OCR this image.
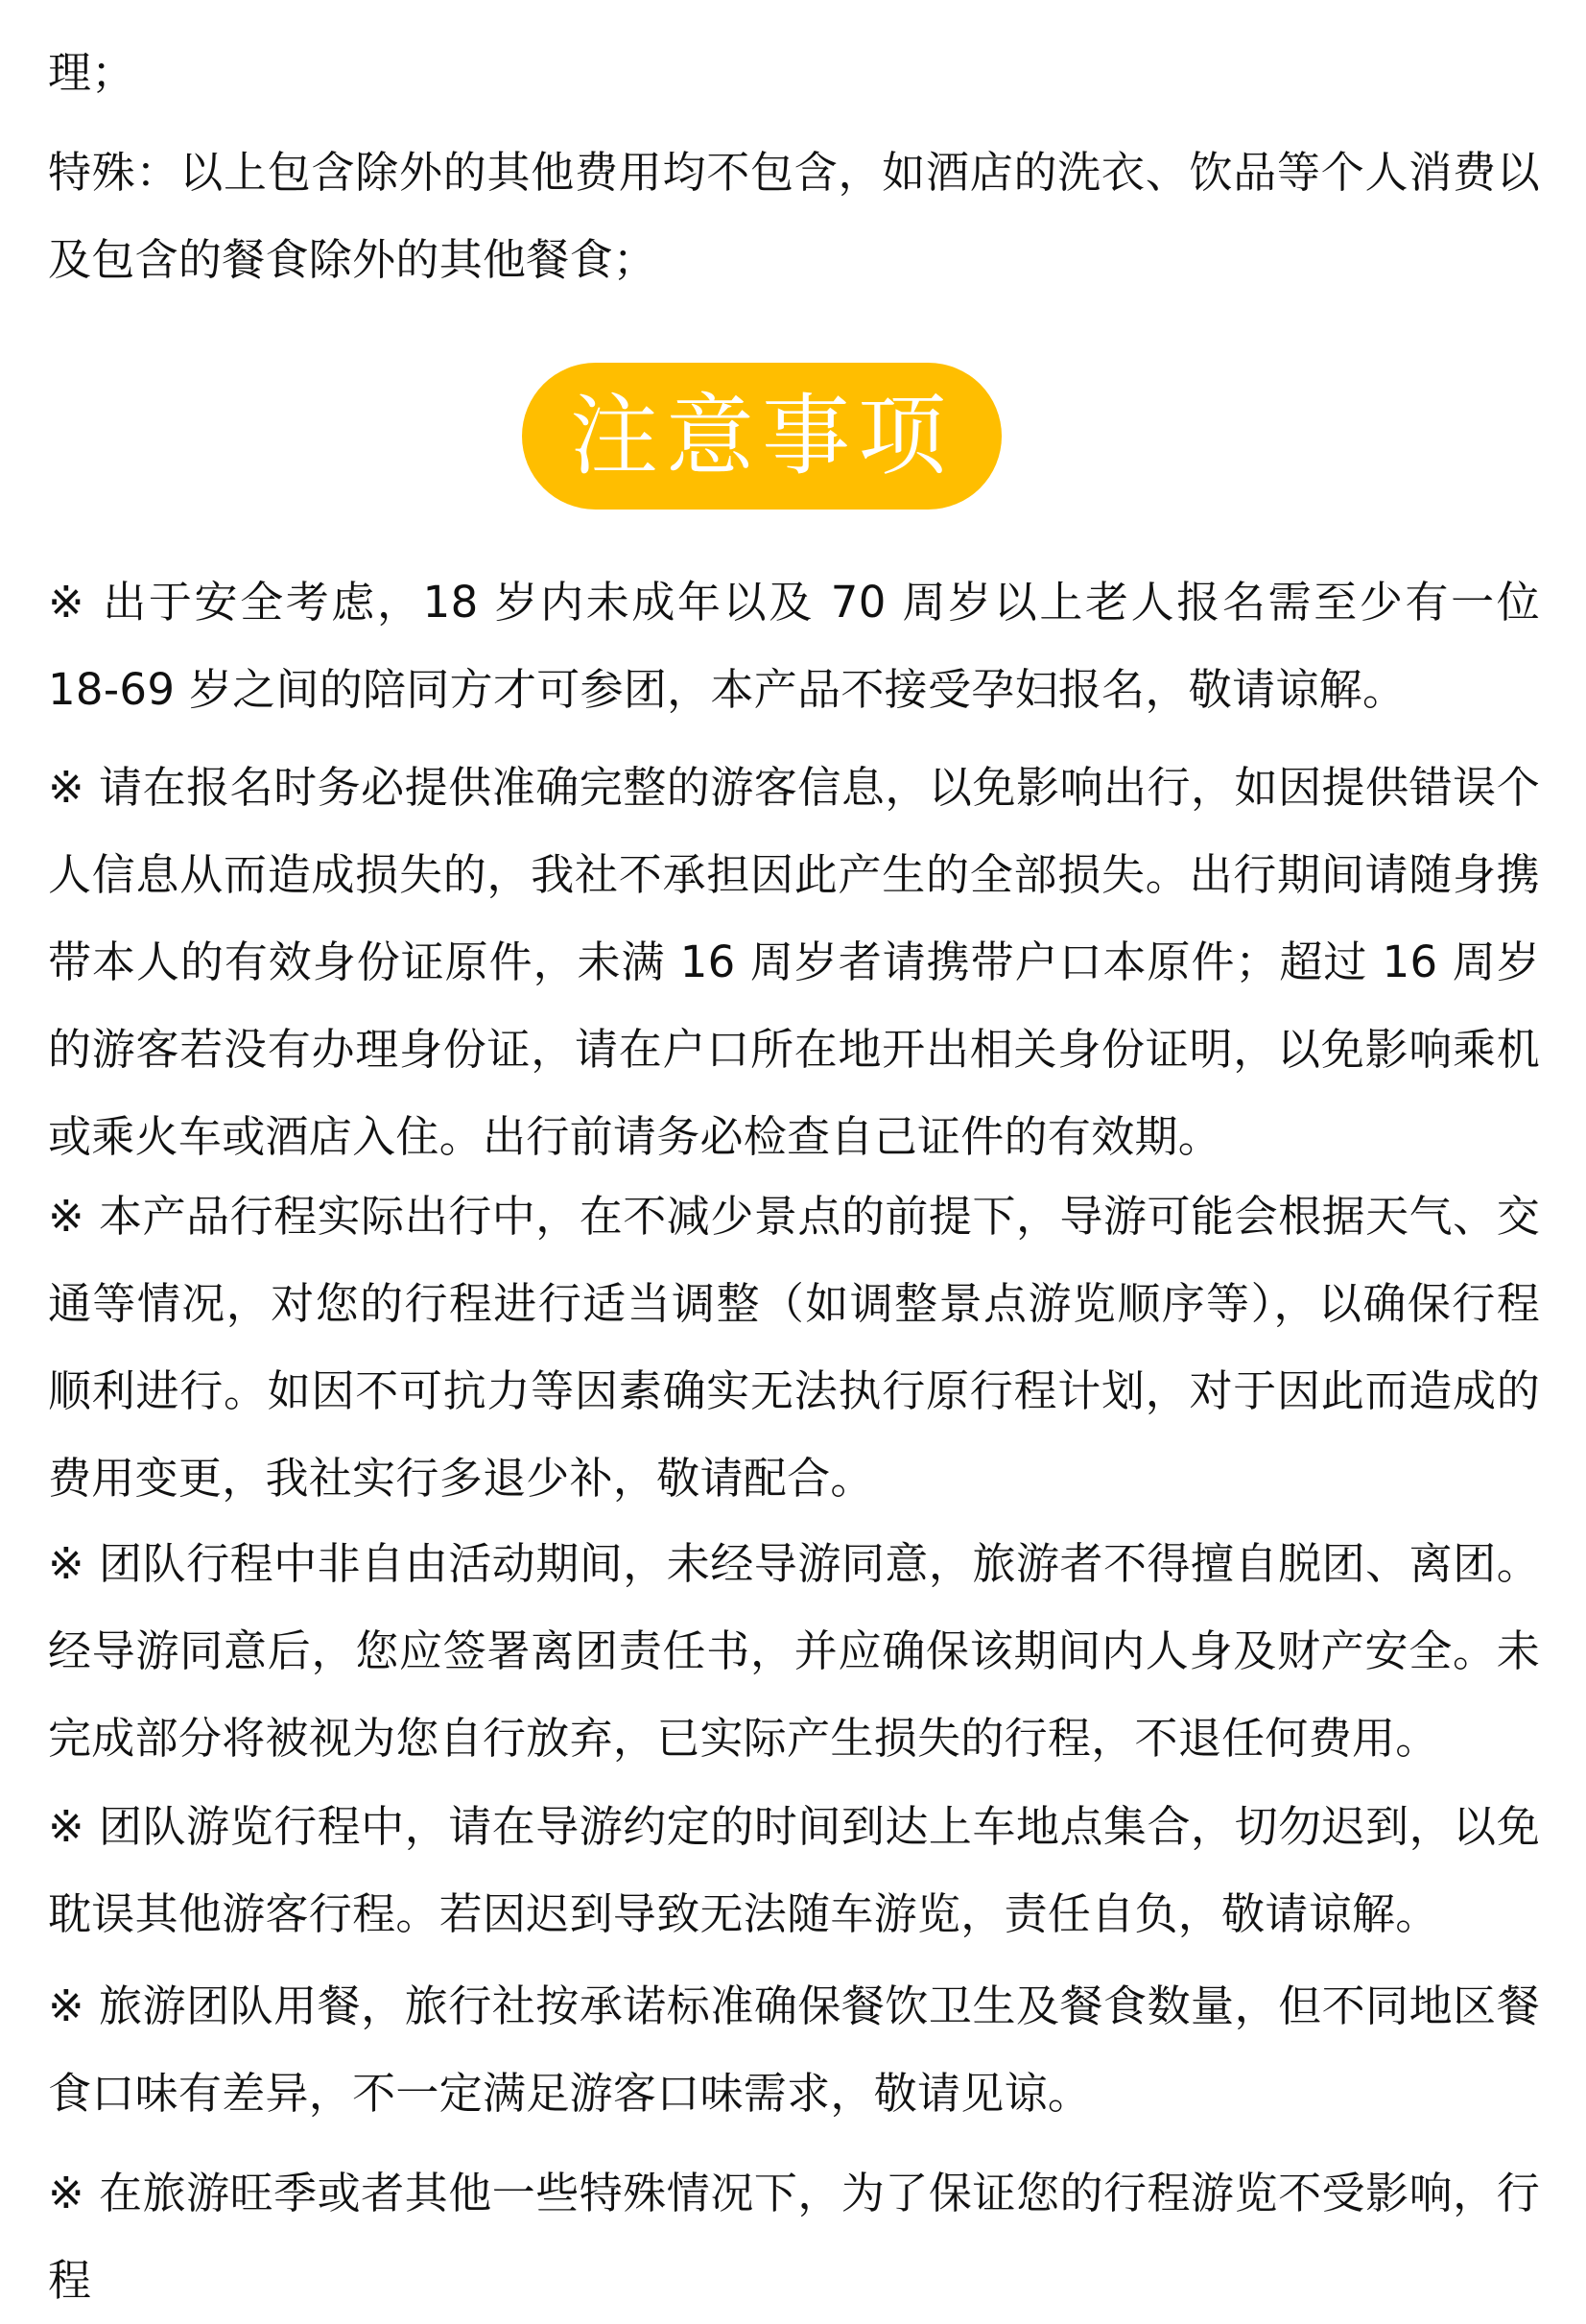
理；

特殊：以上包含除外的其他费用均不包含，如酒店的洗衣、饮品等个人消费以及包含的餐食除外的其他餐食；

注意事项

※ 出于安全考虑，18 岁内未成年以及 70 周岁以上老人报名需至少有一位 18-69 岁之间的陪同方才可参团，本产品不接受孕妇报名，敬请谅解。

※ 请在报名时务必提供准确完整的游客信息，以免影响出行，如因提供错误个人信息从而造成损失的，我社不承担因此产生的全部损失。出行期间请随身携带本人的有效身份证原件，未满 16 周岁者请携带户口本原件；超过 16 周岁的游客若没有办理身份证，请在户口所在地开出相关身份证明，以免影响乘机或乘火车或酒店入住。出行前请务必检查自己证件的有效期。

※ 本产品行程实际出行中，在不减少景点的前提下，导游可能会根据天气、交通等情况，对您的行程进行适当调整（如调整景点游览顺序等），以确保行程顺利进行。如因不可抗力等因素确实无法执行原行程计划，对于因此而造成的费用变更，我社实行多退少补，敬请配合。

※ 团队行程中非自由活动期间，未经导游同意，旅游者不得擅自脱团、离团。经导游同意后，您应签署离团责任书，并应确保该期间内人身及财产安全。未完成部分将被视为您自行放弃，已实际产生损失的行程，不退任何费用。

※ 团队游览行程中，请在导游约定的时间到达上车地点集合，切勿迟到，以免耽误其他游客行程。若因迟到导致无法随车游览，责任自负，敬请谅解。

※ 旅游团队用餐，旅行社按承诺标准确保餐饮卫生及餐食数量，但不同地区餐食口味有差异，不一定满足游客口味需求，敬请见谅。

※ 在旅游旺季或者其他一些特殊情况下，为了保证您的行程游览不受影响，行程
